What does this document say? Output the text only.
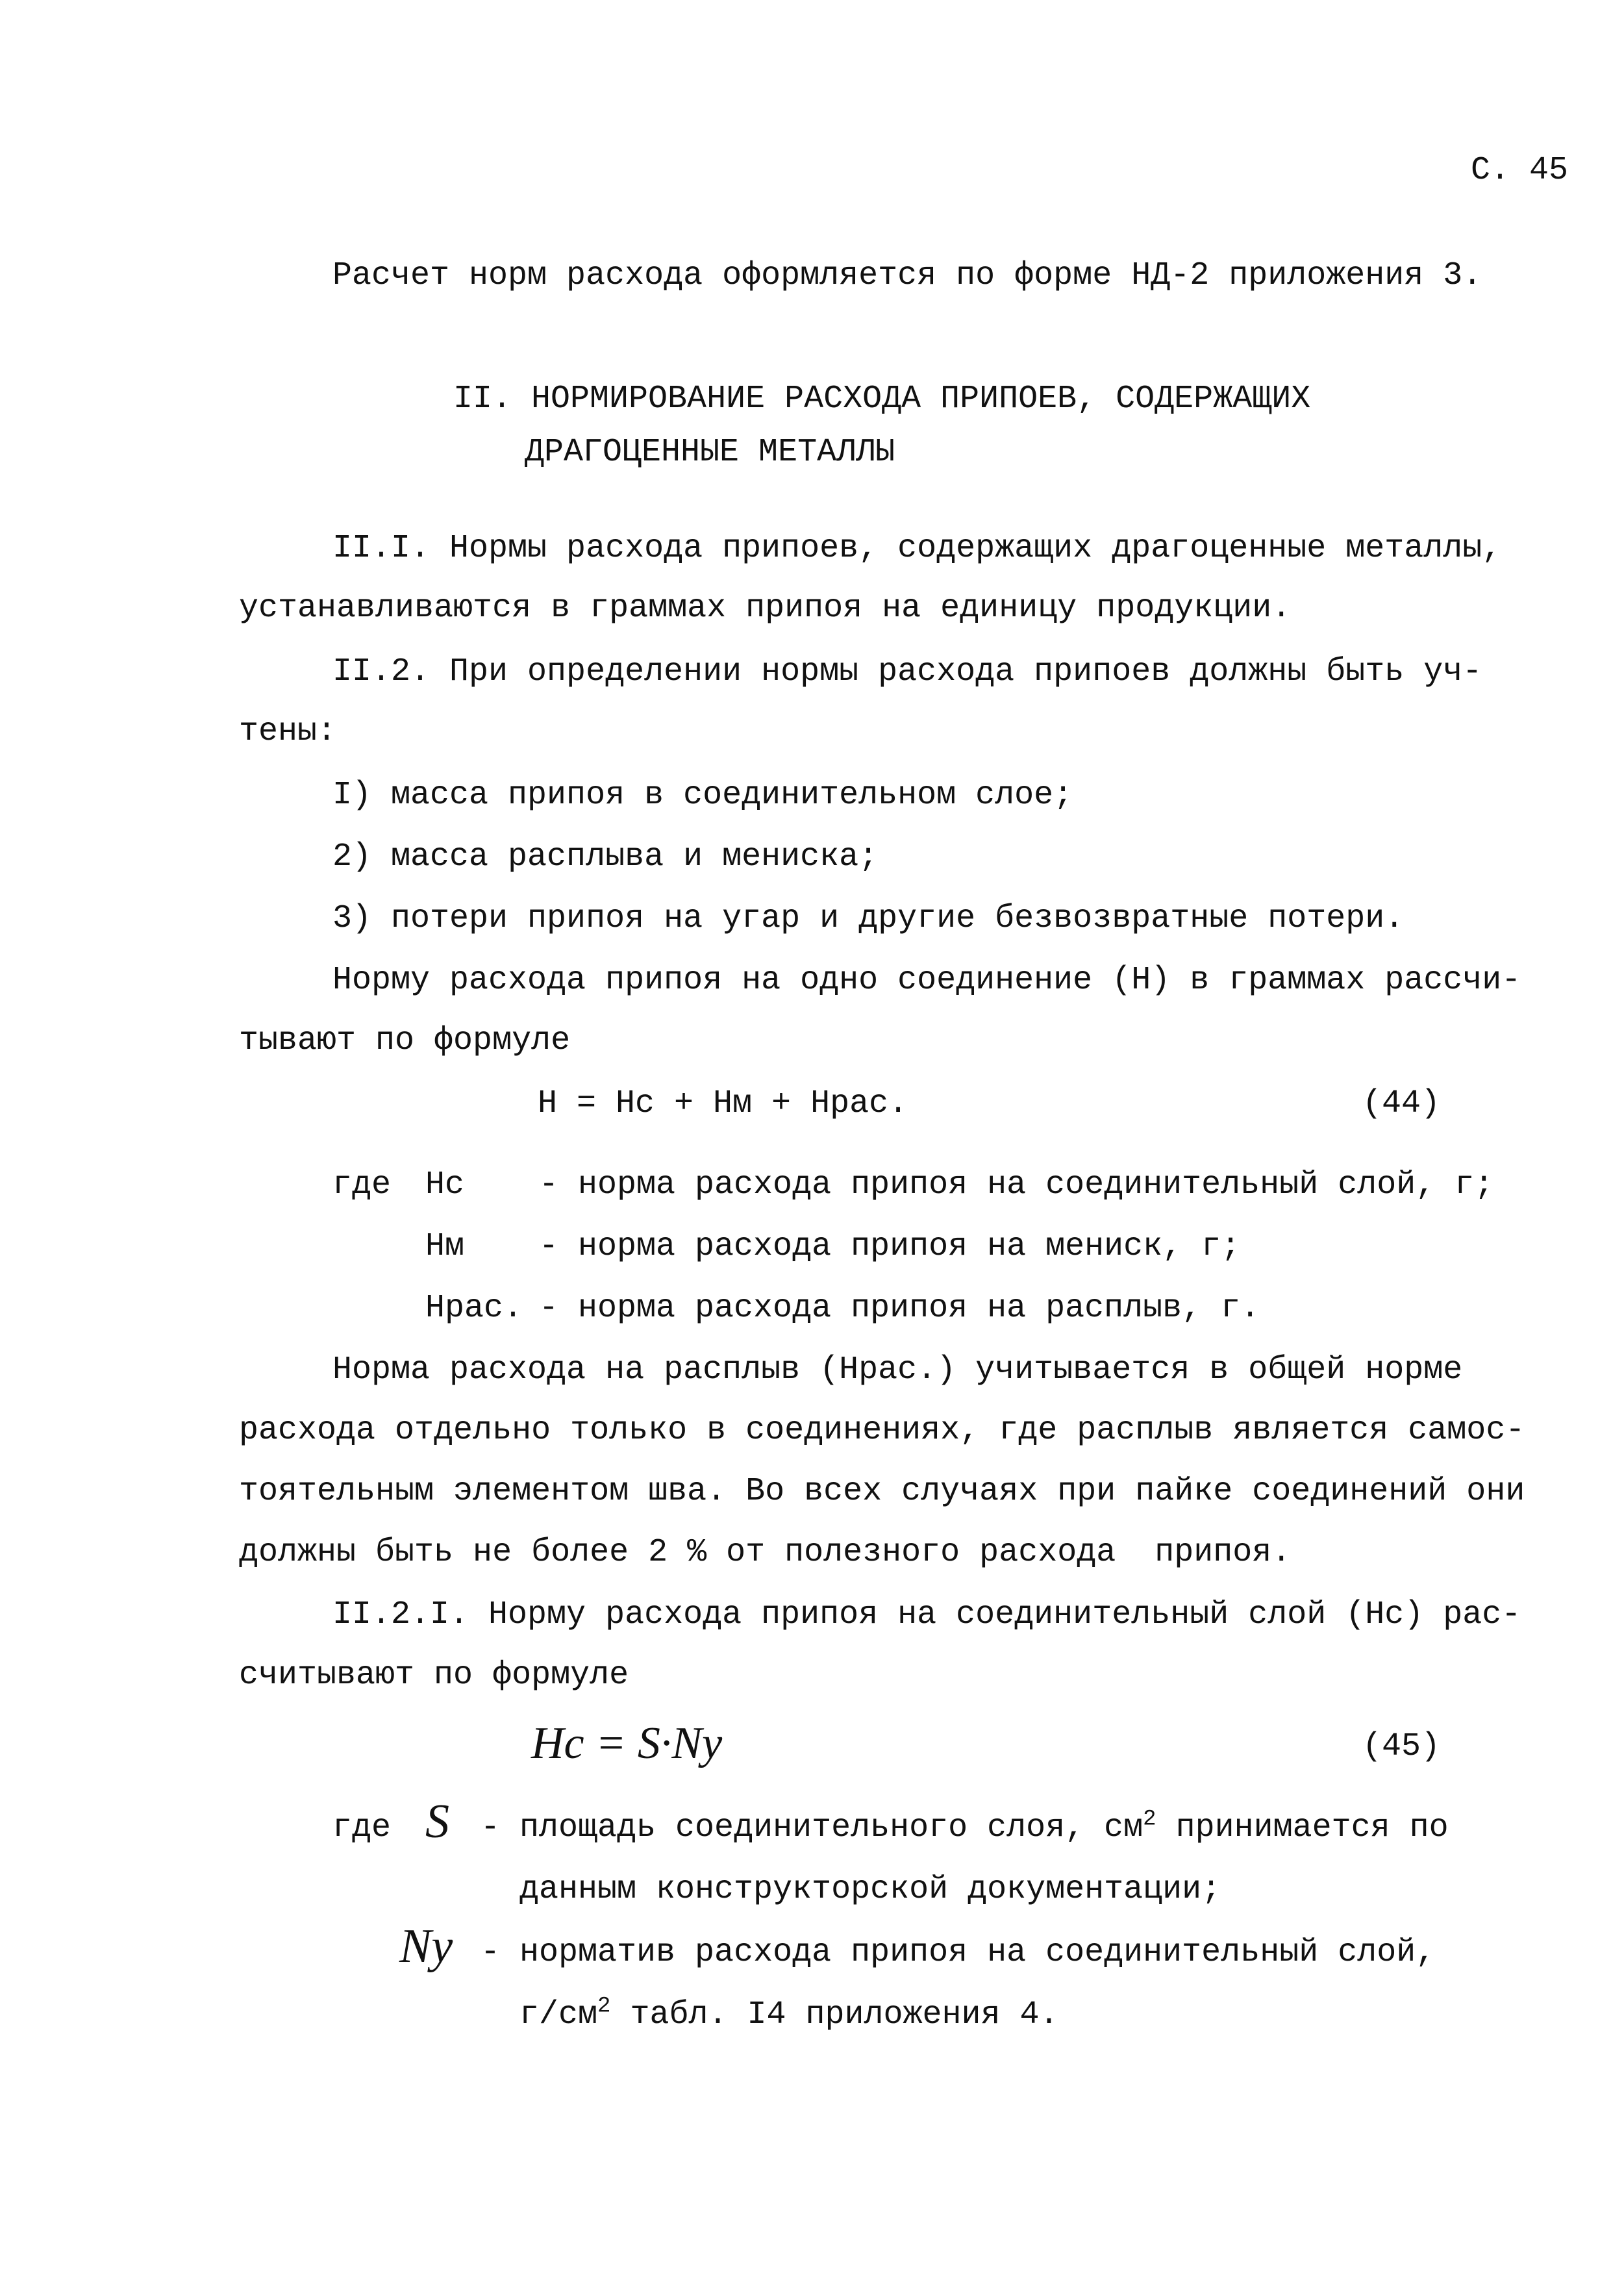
С. 45
Расчет норм расхода оформляется по форме НД-2 приложения 3.
II. НОРМИРОВАНИЕ РАСХОДА ПРИПОЕВ, СОДЕРЖАЩИХ
ДРАГОЦЕННЫЕ МЕТАЛЛЫ
II.I. Нормы расхода припоев, содержащих драгоценные металлы,
устанавливаются в граммах припоя на единицу продукции.
II.2. При определении нормы расхода припоев должны быть уч-
тены:
I) масса припоя в соединительном слое;
2) масса расплыва и мениска;
3) потери припоя на угар и другие безвозвратные потери.
Норму расхода припоя на одно соединение (Н) в граммах рассчи-
тывают по формуле
Н = Нс + Нм + Нрас.	(44)
где Нс - норма расхода припоя на соединительный слой, г;
Нм - норма расхода припоя на мениск, г;
Нрас. - норма расхода припоя на расплыв, г.
Норма расхода на расплыв (Нрас.) учитывается в общей норме
расхода отдельно только в соединениях, где расплыв является самос-
тоятельным элементом шва. Во всех случаях при пайке соединений они
должны быть не более 2 % от полезного расхода  припоя.
II.2.I. Норму расхода припоя на соединительный слой (Нс) рас-
считывают по формуле
Hc = S·Ny	(45)
где S - площадь соединительного слоя, $см^2$ принимается по
данным конструкторской документации;
Ny - норматив расхода припоя на соединительный слой,
$г/см^2$ табл. I4 приложения 4.
